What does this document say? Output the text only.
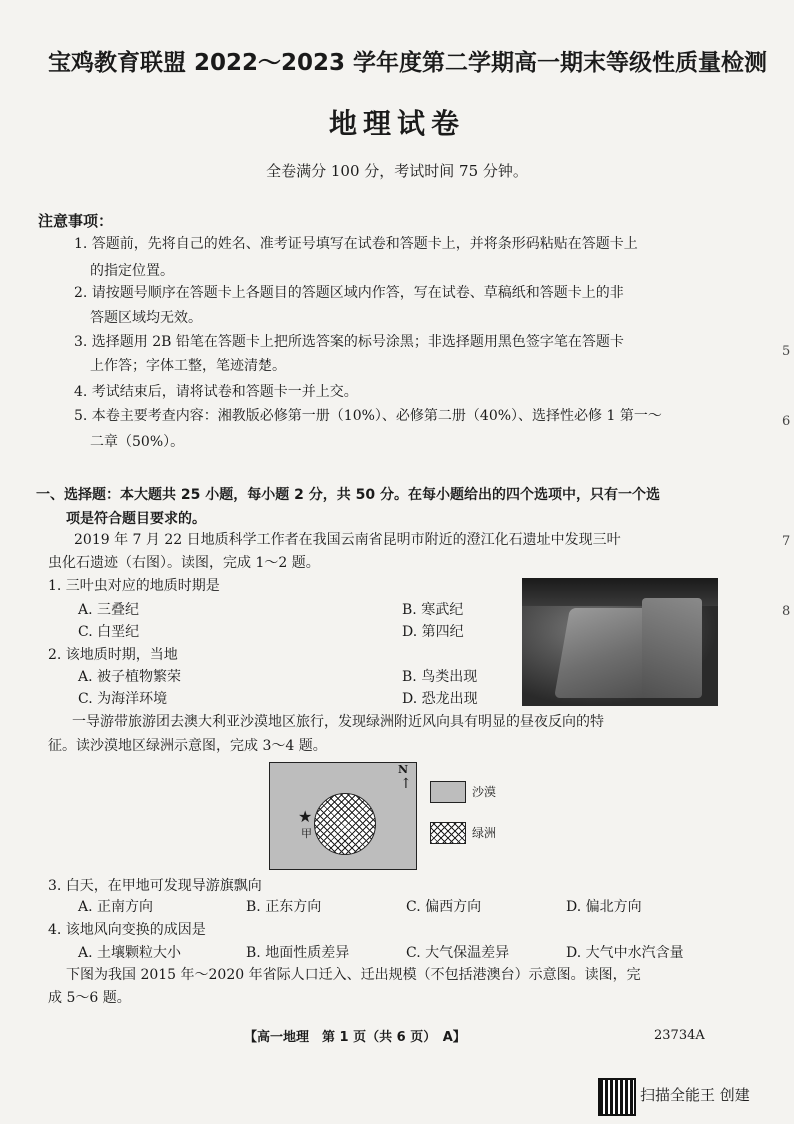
宝鸡教育联盟 2022～2023 学年度第二学期高一期末等级性质量检测
地理试卷
全卷满分 100 分，考试时间 75 分钟。
注意事项：
1. 答题前，先将自己的姓名、准考证号填写在试卷和答题卡上，并将条形码粘贴在答题卡上
的指定位置。
2. 请按题号顺序在答题卡上各题目的答题区域内作答，写在试卷、草稿纸和答题卡上的非
答题区域均无效。
3. 选择题用 2B 铅笔在答题卡上把所选答案的标号涂黑；非选择题用黑色签字笔在答题卡
上作答；字体工整，笔迹清楚。
4. 考试结束后，请将试卷和答题卡一并上交。
5. 本卷主要考查内容：湘教版必修第一册（10%）、必修第二册（40%）、选择性必修 1 第一～
二章（50%）。
一、选择题：本大题共 25 小题，每小题 2 分，共 50 分。在每小题给出的四个选项中，只有一个选
项是符合题目要求的。
2019 年 7 月 22 日地质科学工作者在我国云南省昆明市附近的澄江化石遗址中发现三叶
虫化石遗迹（右图）。读图，完成 1～2 题。
1. 三叶虫对应的地质时期是
A. 三叠纪	B. 寒武纪
C. 白垩纪	D. 第四纪
2. 该地质时期，当地
A. 被子植物繁荣	B. 鸟类出现
C. 为海洋环境	D. 恐龙出现
一导游带旅游团去澳大利亚沙漠地区旅行，发现绿洲附近风向具有明显的昼夜反向的特
征。读沙漠地区绿洲示意图，完成 3～4 题。
N
↑
★
甲
沙漠
绿洲
3. 白天，在甲地可发现导游旗飘向
A. 正南方向	B. 正东方向	C. 偏西方向	D. 偏北方向
4. 该地风向变换的成因是
A. 土壤颗粒大小	B. 地面性质差异	C. 大气保温差异	D. 大气中水汽含量
下图为我国 2015 年～2020 年省际人口迁入、迁出规模（不包括港澳台）示意图。读图，完
成 5～6 题。
【高一地理　第 1 页（共 6 页）　A】	23734A
扫描全能王 创建
5
6
7
8
